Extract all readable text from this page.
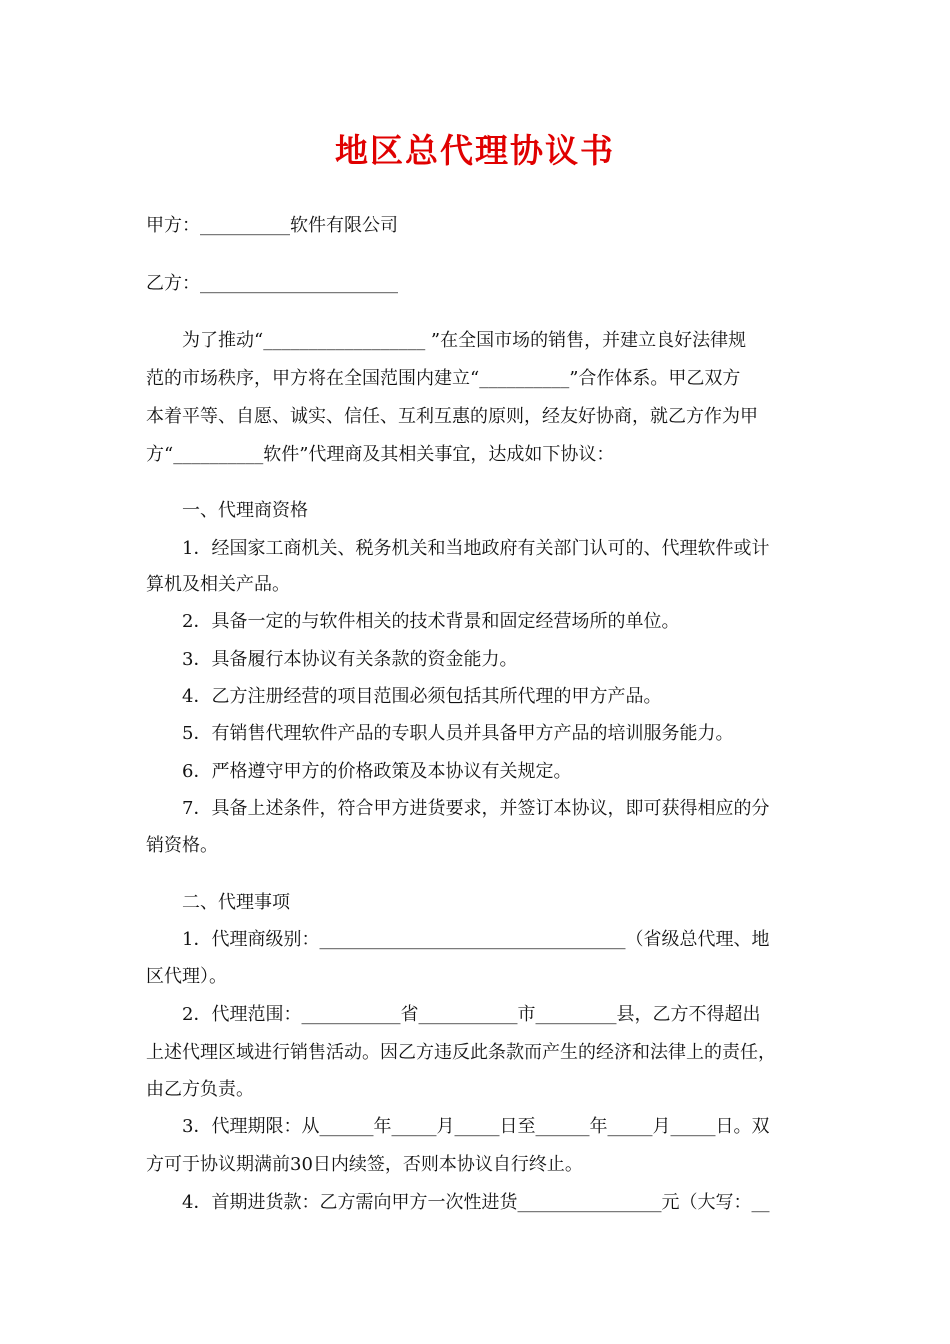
地区总代理协议书
甲方：__________软件有限公司
乙方：______________________
　　为了推动“__________________ ”在全国市场的销售，并建立良好法律规
范的市场秩序，甲方将在全国范围内建立“__________”合作体系。甲乙双方
本着平等、自愿、诚实、信任、互利互惠的原则，经友好协商，就乙方作为甲
方“__________软件”代理商及其相关事宜，达成如下协议：
　　一、代理商资格
　　1．经国家工商机关、税务机关和当地政府有关部门认可的、代理软件或计
算机及相关产品。
　　2．具备一定的与软件相关的技术背景和固定经营场所的单位。
　　3．具备履行本协议有关条款的资金能力。
　　4．乙方注册经营的项目范围必须包括其所代理的甲方产品。
　　5．有销售代理软件产品的专职人员并具备甲方产品的培训服务能力。
　　6．严格遵守甲方的价格政策及本协议有关规定。
　　7．具备上述条件，符合甲方进货要求，并签订本协议，即可获得相应的分
销资格。
　　二、代理事项
　　1．代理商级别：__________________________________（省级总代理、地
区代理）。
　　2．代理范围：___________省___________市_________县，乙方不得超出
上述代理区域进行销售活动。因乙方违反此条款而产生的经济和法律上的责任，
由乙方负责。
　　3．代理期限：从______年_____月_____日至______年_____月_____日。双
方可于协议期满前30日内续签，否则本协议自行终止。
　　4．首期进货款：乙方需向甲方一次性进货________________元（大写：__
